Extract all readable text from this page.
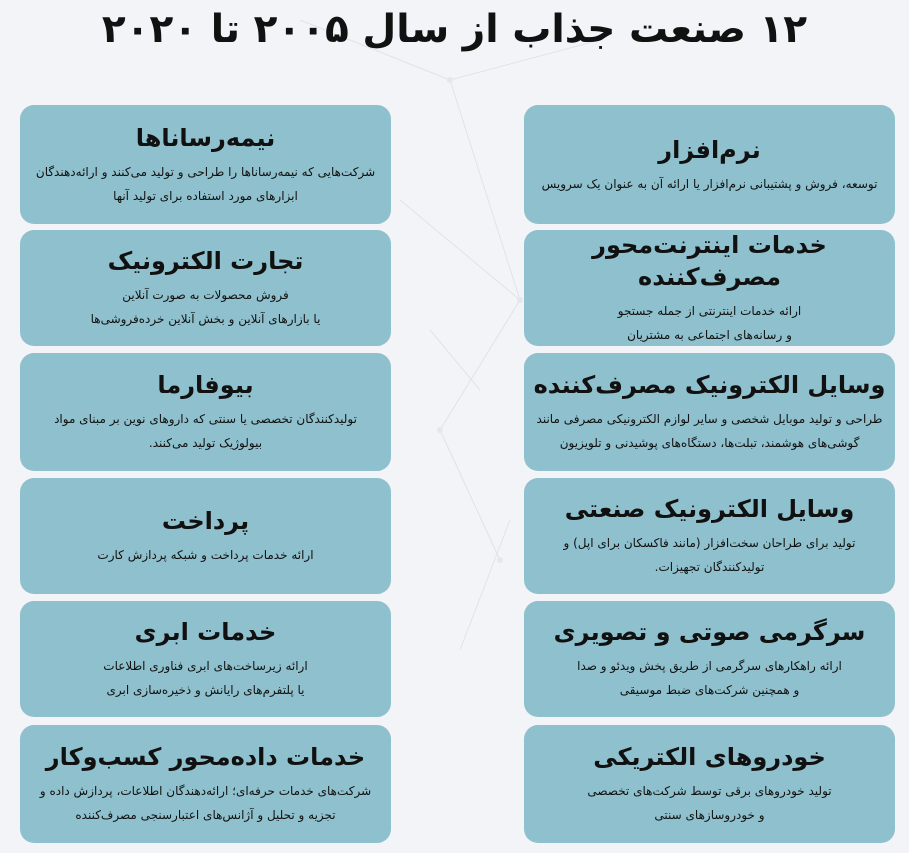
۱۲ صنعت جذاب از سال ۲۰۰۵ تا ۲۰۲۰
نرم‌افزار
توسعه، فروش و پشتیبانی نرم‌افزار یا ارائه آن به عنوان یک سرویس
خدمات اینترنت‌محور مصرف‌کننده
ارائه خدمات اینترنتی از جمله جستجو
و رسانه‌های اجتماعی به مشتریان
وسایل الکترونیک مصرف‌کننده
طراحی و تولید موبایل شخصی و سایر لوازم الکترونیکی مصرفی مانند
گوشی‌های هوشمند، تبلت‌ها، دستگاه‌های پوشیدنی و تلویزیون
وسایل الکترونیک صنعتی
تولید برای طراحان سخت‌افزار (مانند فاکسکان برای اپل) و
تولیدکنندگان تجهیزات.
سرگرمی صوتی و تصویری
ارائه راهکارهای سرگرمی از طریق پخش ویدئو و صدا
و همچنین شرکت‌های ضبط موسیقی
خودروهای الکتریکی
تولید خودروهای برقی توسط شرکت‌های تخصصی
و خودروسازهای سنتی
نیمه‌رسانا‌ها
شرکت‌هایی که نیمه‌رساناها را طراحی و تولید می‌کنند و ارائه‌دهندگان
ابزارهای مورد استفاده برای تولید آنها
تجارت الکترونیک
فروش محصولات به صورت آنلاین
یا بازارهای آنلاین و بخش آنلاین خرده‌فروشی‌ها
بیوفارما
تولیدکنندگان تخصصی یا سنتی که داروهای نوین بر مبنای مواد
بیولوژیک تولید می‌کنند.
پرداخت
ارائه خدمات پرداخت و شبکه پردازش کارت
خدمات ابری
ارائه زیرساخت‌های ابری فناوری اطلاعات
یا پلتفرم‌های رایانش و ذخیره‌سازی ابری
خدمات داده‌محور کسب‌وکار
شرکت‌های خدمات حرفه‌ای؛ ارائه‌دهندگان اطلاعات، پردازش داده و
تجزیه و تحلیل و آژانس‌های اعتبارسنجی مصرف‌کننده
